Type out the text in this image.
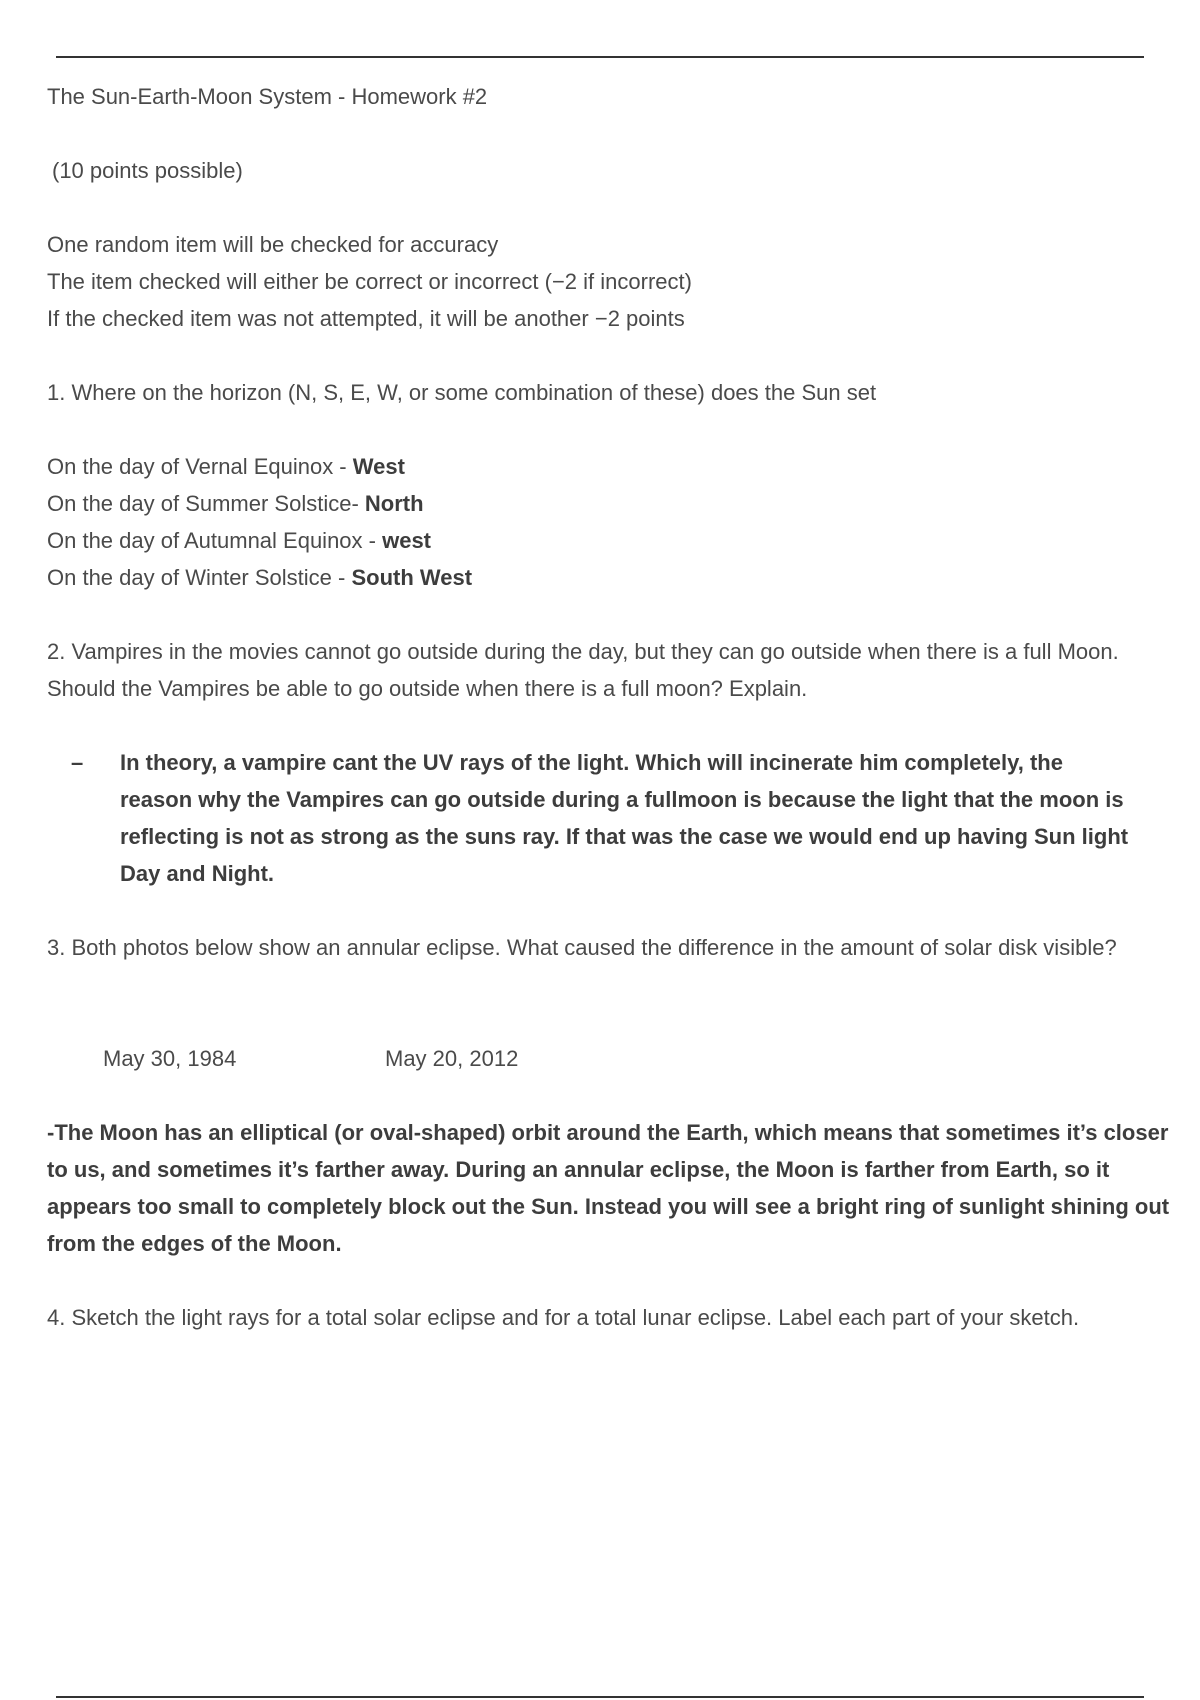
The Sun-Earth-Moon System - Homework #2

(10 points possible)

One random item will be checked for accuracy

The item checked will either be correct or incorrect (−2 if incorrect)

If the checked item was not attempted, it will be another −2 points

1. Where on the horizon (N, S, E, W, or some combination of these) does the Sun set

On the day of Vernal Equinox - West

On the day of Summer Solstice- North

On the day of Autumnal Equinox - west

On the day of Winter Solstice - South West

2. Vampires in the movies cannot go outside during the day, but they can go outside when there is a full Moon. Should the Vampires be able to go outside when there is a full moon? Explain.

– In theory, a vampire cant the UV rays of the light. Which will incinerate him completely, the reason why the Vampires can go outside during a fullmoon is because the light that the moon is reflecting is not as strong as the suns ray. If that was the case we would end up having Sun light Day and Night.

3. Both photos below show an annular eclipse. What caused the difference in the amount of solar disk visible?

May 30, 1984	May 20, 2012

-The Moon has an elliptical (or oval-shaped) orbit around the Earth, which means that sometimes it’s closer to us, and sometimes it’s farther away. During an annular eclipse, the Moon is farther from Earth, so it appears too small to completely block out the Sun. Instead you will see a bright ring of sunlight shining out from the edges of the Moon.

4. Sketch the light rays for a total solar eclipse and for a total lunar eclipse. Label each part of your sketch.
